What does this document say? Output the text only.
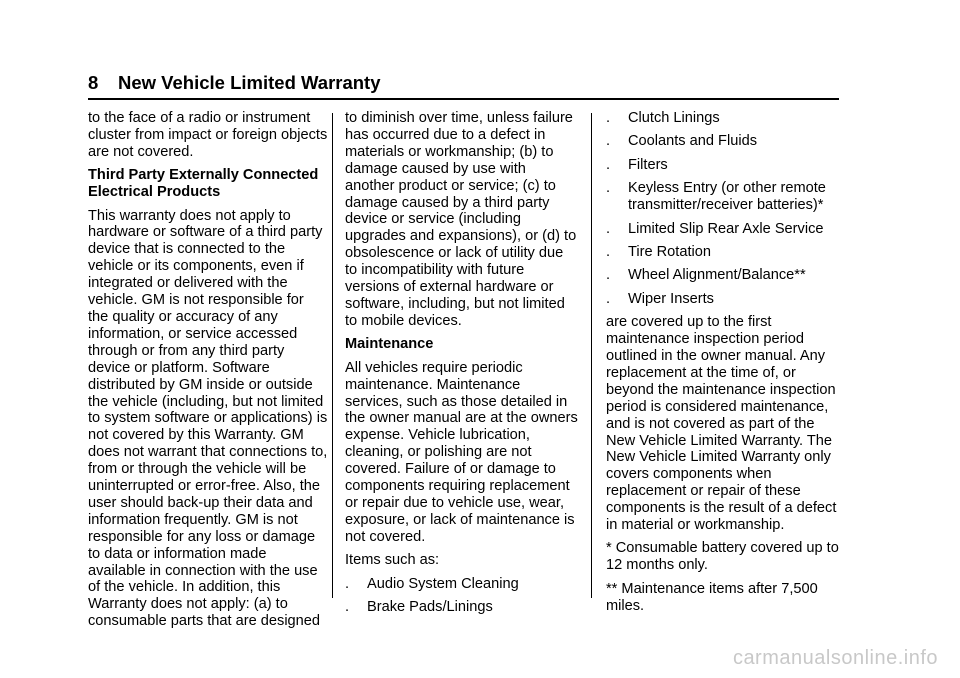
8 New Vehicle Limited Warranty

to the face of a radio or instrument cluster from impact or foreign objects are not covered.

Third Party Externally Connected Electrical Products

This warranty does not apply to hardware or software of a third party device that is connected to the vehicle or its components, even if integrated or delivered with the vehicle. GM is not responsible for the quality or accuracy of any information, or service accessed through or from any third party device or platform. Software distributed by GM inside or outside the vehicle (including, but not limited to system software or applications) is not covered by this Warranty. GM does not warrant that connections to, from or through the vehicle will be uninterrupted or error-free. Also, the user should back-up their data and information frequently. GM is not responsible for any loss or damage to data or information made available in connection with the use of the vehicle. In addition, this Warranty does not apply: (a) to consumable parts that are designed

to diminish over time, unless failure has occurred due to a defect in materials or workmanship; (b) to damage caused by use with another product or service; (c) to damage caused by a third party device or service (including upgrades and expansions), or (d) to obsolescence or lack of utility due to incompatibility with future versions of external hardware or software, including, but not limited to mobile devices.

Maintenance

All vehicles require periodic maintenance. Maintenance services, such as those detailed in the owner manual are at the owners expense. Vehicle lubrication, cleaning, or polishing are not covered. Failure of or damage to components requiring replacement or repair due to vehicle use, wear, exposure, or lack of maintenance is not covered.

Items such as:

.	Audio System Cleaning
.	Brake Pads/Linings
.	Clutch Linings
.	Coolants and Fluids
.	Filters
.	Keyless Entry (or other remote transmitter/receiver batteries)*
.	Limited Slip Rear Axle Service
.	Tire Rotation
.	Wheel Alignment/Balance**
.	Wiper Inserts

are covered up to the first maintenance inspection period outlined in the owner manual. Any replacement at the time of, or beyond the maintenance inspection period is considered maintenance, and is not covered as part of the New Vehicle Limited Warranty. The New Vehicle Limited Warranty only covers components when replacement or repair of these components is the result of a defect in material or workmanship.

* Consumable battery covered up to 12 months only.

** Maintenance items after 7,500 miles.

carmanualsonline.info
